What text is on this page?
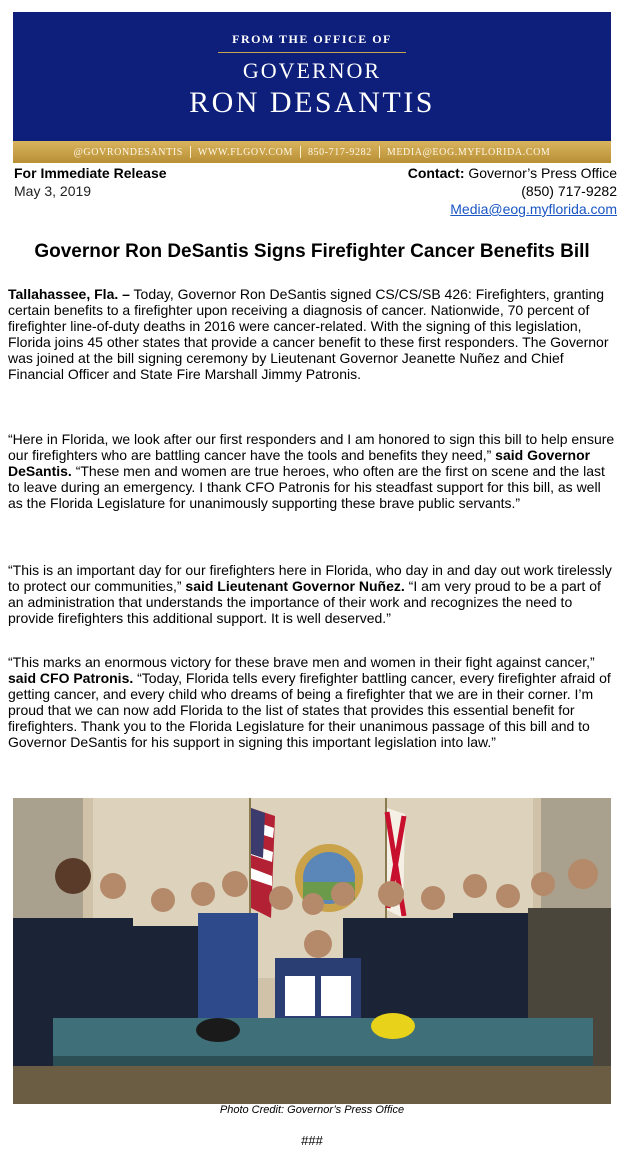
FROM THE OFFICE OF
GOVERNOR
RON DESANTIS
@GOVRONDESANTIS	WWW.FLGOV.COM	850-717-9282	MEDIA@EOG.MYFLORIDA.COM
For Immediate Release
May 3, 2019
Contact: Governor’s Press Office
(850) 717-9282
Media@eog.myflorida.com
Governor Ron DeSantis Signs Firefighter Cancer Benefits Bill

Tallahassee, Fla. – Today, Governor Ron DeSantis signed CS/CS/SB 426: Firefighters, granting certain benefits to a firefighter upon receiving a diagnosis of cancer. Nationwide, 70 percent of firefighter line-of-duty deaths in 2016 were cancer-related. With the signing of this legislation, Florida joins 45 other states that provide a cancer benefit to these first responders. The Governor was joined at the bill signing ceremony by Lieutenant Governor Jeanette Nuñez and Chief Financial Officer and State Fire Marshall Jimmy Patronis.

“Here in Florida, we look after our first responders and I am honored to sign this bill to help ensure our firefighters who are battling cancer have the tools and benefits they need,” said Governor DeSantis. “These men and women are true heroes, who often are the first on scene and the last to leave during an emergency. I thank CFO Patronis for his steadfast support for this bill, as well as the Florida Legislature for unanimously supporting these brave public servants.”

“This is an important day for our firefighters here in Florida, who day in and day out work tirelessly to protect our communities,” said Lieutenant Governor Nuñez. “I am very proud to be a part of an administration that understands the importance of their work and recognizes the need to provide firefighters this additional support. It is well deserved.”

“This marks an enormous victory for these brave men and women in their fight against cancer,” said CFO Patronis. “Today, Florida tells every firefighter battling cancer, every firefighter afraid of getting cancer, and every child who dreams of being a firefighter that we are in their corner. I’m proud that we can now add Florida to the list of states that provides this essential benefit for firefighters. Thank you to the Florida Legislature for their unanimous passage of this bill and to Governor DeSantis for his support in signing this important legislation into law.”

Photo Credit: Governor’s Press Office
###
